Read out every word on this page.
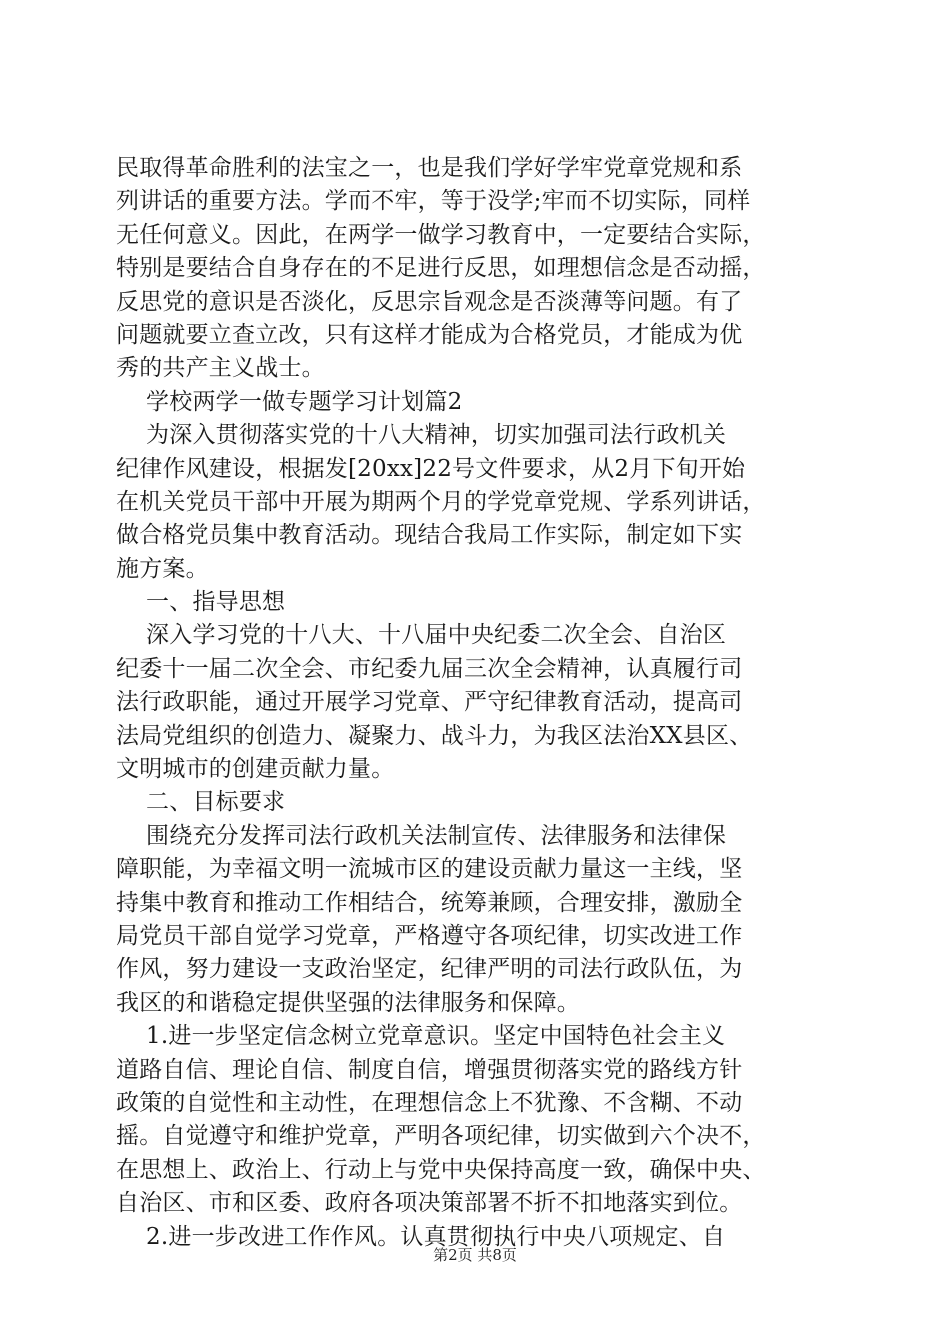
民取得革命胜利的法宝之一，也是我们学好学牢党章党规和系
列讲话的重要方法。学而不牢，等于没学;牢而不切实际，同样
无任何意义。因此，在两学一做学习教育中，一定要结合实际，
特别是要结合自身存在的不足进行反思，如理想信念是否动摇，
反思党的意识是否淡化，反思宗旨观念是否淡薄等问题。有了
问题就要立查立改，只有这样才能成为合格党员，才能成为优
秀的共产主义战士。
学校两学一做专题学习计划篇2
为深入贯彻落实党的十八大精神，切实加强司法行政机关
纪律作风建设，根据发[20xx]22号文件要求，从2月下旬开始
在机关党员干部中开展为期两个月的学党章党规、学系列讲话，
做合格党员集中教育活动。现结合我局工作实际，制定如下实
施方案。
一、指导思想
深入学习党的十八大、十八届中央纪委二次全会、自治区
纪委十一届二次全会、市纪委九届三次全会精神，认真履行司
法行政职能，通过开展学习党章、严守纪律教育活动，提高司
法局党组织的创造力、凝聚力、战斗力，为我区法治XX县区、
文明城市的创建贡献力量。
二、目标要求
围绕充分发挥司法行政机关法制宣传、法律服务和法律保
障职能，为幸福文明一流城市区的建设贡献力量这一主线，坚
持集中教育和推动工作相结合，统筹兼顾，合理安排，激励全
局党员干部自觉学习党章，严格遵守各项纪律，切实改进工作
作风，努力建设一支政治坚定，纪律严明的司法行政队伍，为
我区的和谐稳定提供坚强的法律服务和保障。
1.进一步坚定信念树立党章意识。坚定中国特色社会主义
道路自信、理论自信、制度自信，增强贯彻落实党的路线方针
政策的自觉性和主动性，在理想信念上不犹豫、不含糊、不动
摇。自觉遵守和维护党章，严明各项纪律，切实做到六个决不，
在思想上、政治上、行动上与党中央保持高度一致，确保中央、
自治区、市和区委、政府各项决策部署不折不扣地落实到位。
2.进一步改进工作作风。认真贯彻执行中央八项规定、自
第2页 共8页
